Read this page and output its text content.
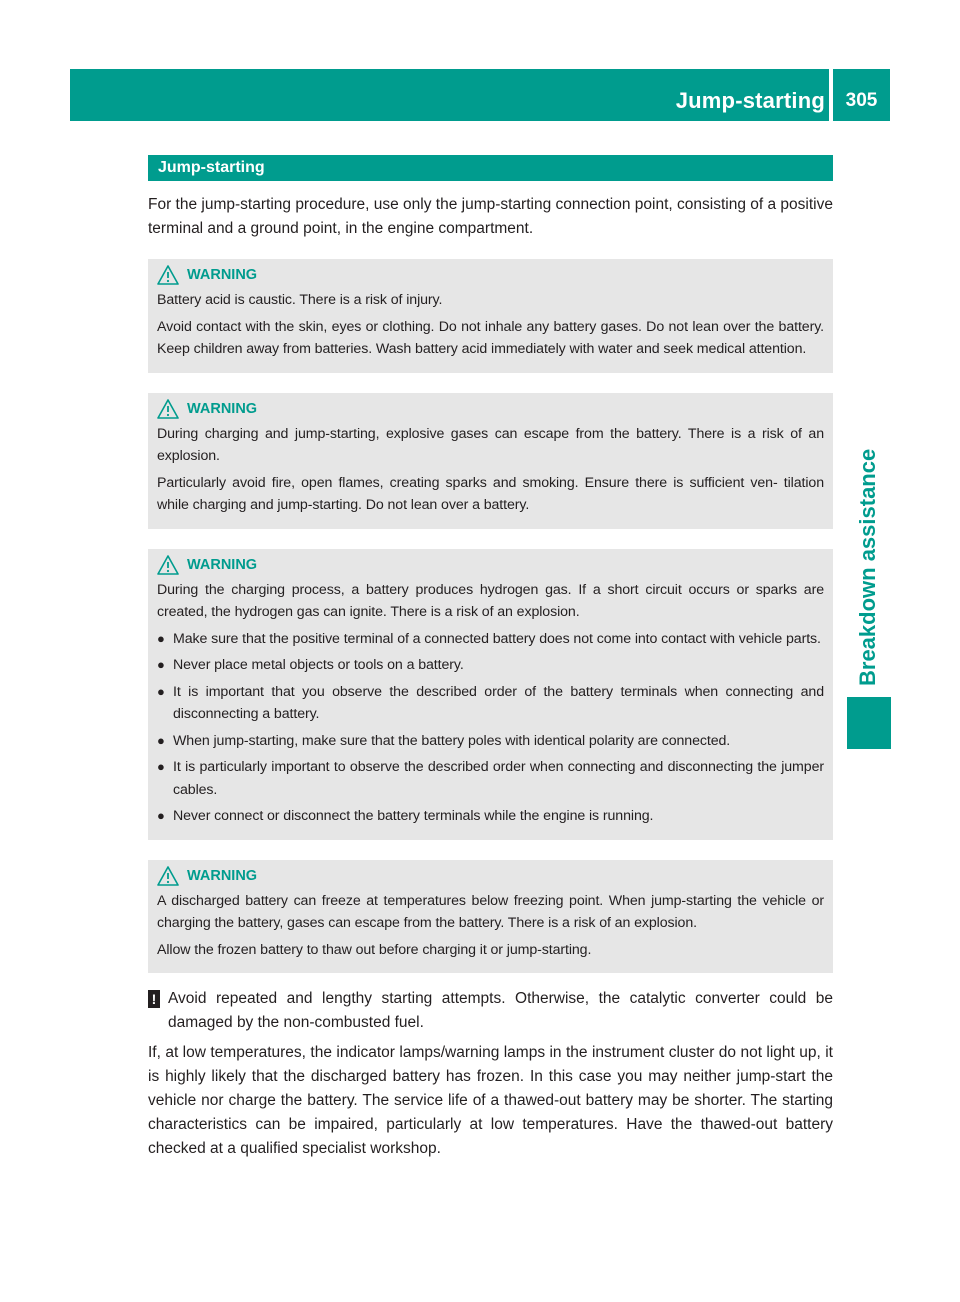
Jump-starting	305
Breakdown assistance
Jump-starting

For the jump-starting procedure, use only the jump-starting connection point, consisting of a positive terminal and a ground point, in the engine compartment.

WARNING

Battery acid is caustic. There is a risk of injury.

Avoid contact with the skin, eyes or clothing. Do not inhale any battery gases. Do not lean over the battery. Keep children away from batteries. Wash battery acid immediately with water and seek medical attention.

WARNING

During charging and jump-starting, explosive gases can escape from the battery. There is a risk of an explosion.

Particularly avoid fire, open flames, creating sparks and smoking. Ensure there is sufficient ven- tilation while charging and jump-starting. Do not lean over a battery.

WARNING

During the charging process, a battery produces hydrogen gas. If a short circuit occurs or sparks are created, the hydrogen gas can ignite. There is a risk of an explosion.

● Make sure that the positive terminal of a connected battery does not come into contact with vehicle parts.
● Never place metal objects or tools on a battery.
● It is important that you observe the described order of the battery terminals when connecting and disconnecting a battery.
● When jump-starting, make sure that the battery poles with identical polarity are connected.
● It is particularly important to observe the described order when connecting and disconnecting the jumper cables.
● Never connect or disconnect the battery terminals while the engine is running.
WARNING

A discharged battery can freeze at temperatures below freezing point. When jump-starting the vehicle or charging the battery, gases can escape from the battery. There is a risk of an explosion.

Allow the frozen battery to thaw out before charging it or jump-starting.

! Avoid repeated and lengthy starting attempts. Otherwise, the catalytic converter could be damaged by the non-combusted fuel.

If, at low temperatures, the indicator lamps/warning lamps in the instrument cluster do not light up, it is highly likely that the discharged battery has frozen. In this case you may neither jump-start the vehicle nor charge the battery. The service life of a thawed-out battery may be shorter. The starting characteristics can be impaired, particularly at low temperatures. Have the thawed-out battery checked at a qualified specialist workshop.
